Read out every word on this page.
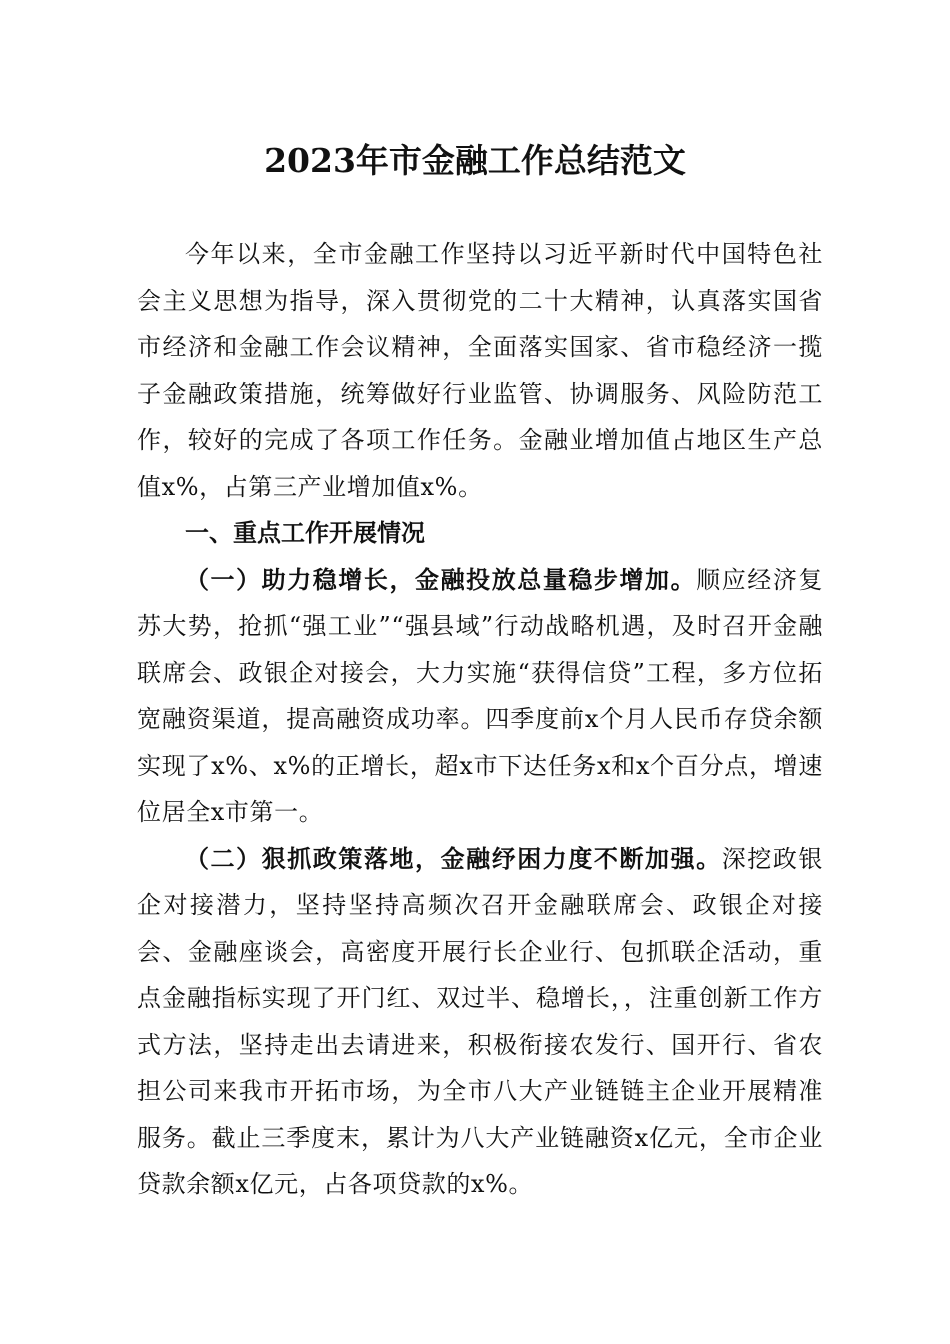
2023年市金融工作总结范文

今年以来，全市金融工作坚持以习近平新时代中国特色社会主义思想为指导，深入贯彻党的二十大精神，认真落实国省市经济和金融工作会议精神，全面落实国家、省市稳经济一揽子金融政策措施，统筹做好行业监管、协调服务、风险防范工作，较好的完成了各项工作任务。金融业增加值占地区生产总值x%，占第三产业增加值x%。

一、重点工作开展情况

（一）助力稳增长，金融投放总量稳步增加。顺应经济复苏大势，抢抓“强工业”“强县域”行动战略机遇，及时召开金融联席会、政银企对接会，大力实施“获得信贷”工程，多方位拓宽融资渠道，提高融资成功率。四季度前x个月人民币存贷余额实现了x%、x%的正增长，超x市下达任务x和x个百分点，增速位居全x市第一。

（二）狠抓政策落地，金融纾困力度不断加强。深挖政银企对接潜力，坚持坚持高频次召开金融联席会、政银企对接会、金融座谈会，高密度开展行长企业行、包抓联企活动，重点金融指标实现了开门红、双过半、稳增长，，注重创新工作方式方法，坚持走出去请进来，积极衔接农发行、国开行、省农担公司来我市开拓市场，为全市八大产业链链主企业开展精准服务。截止三季度末，累计为八大产业链融资x亿元，全市企业贷款余额x亿元，占各项贷款的x%。
